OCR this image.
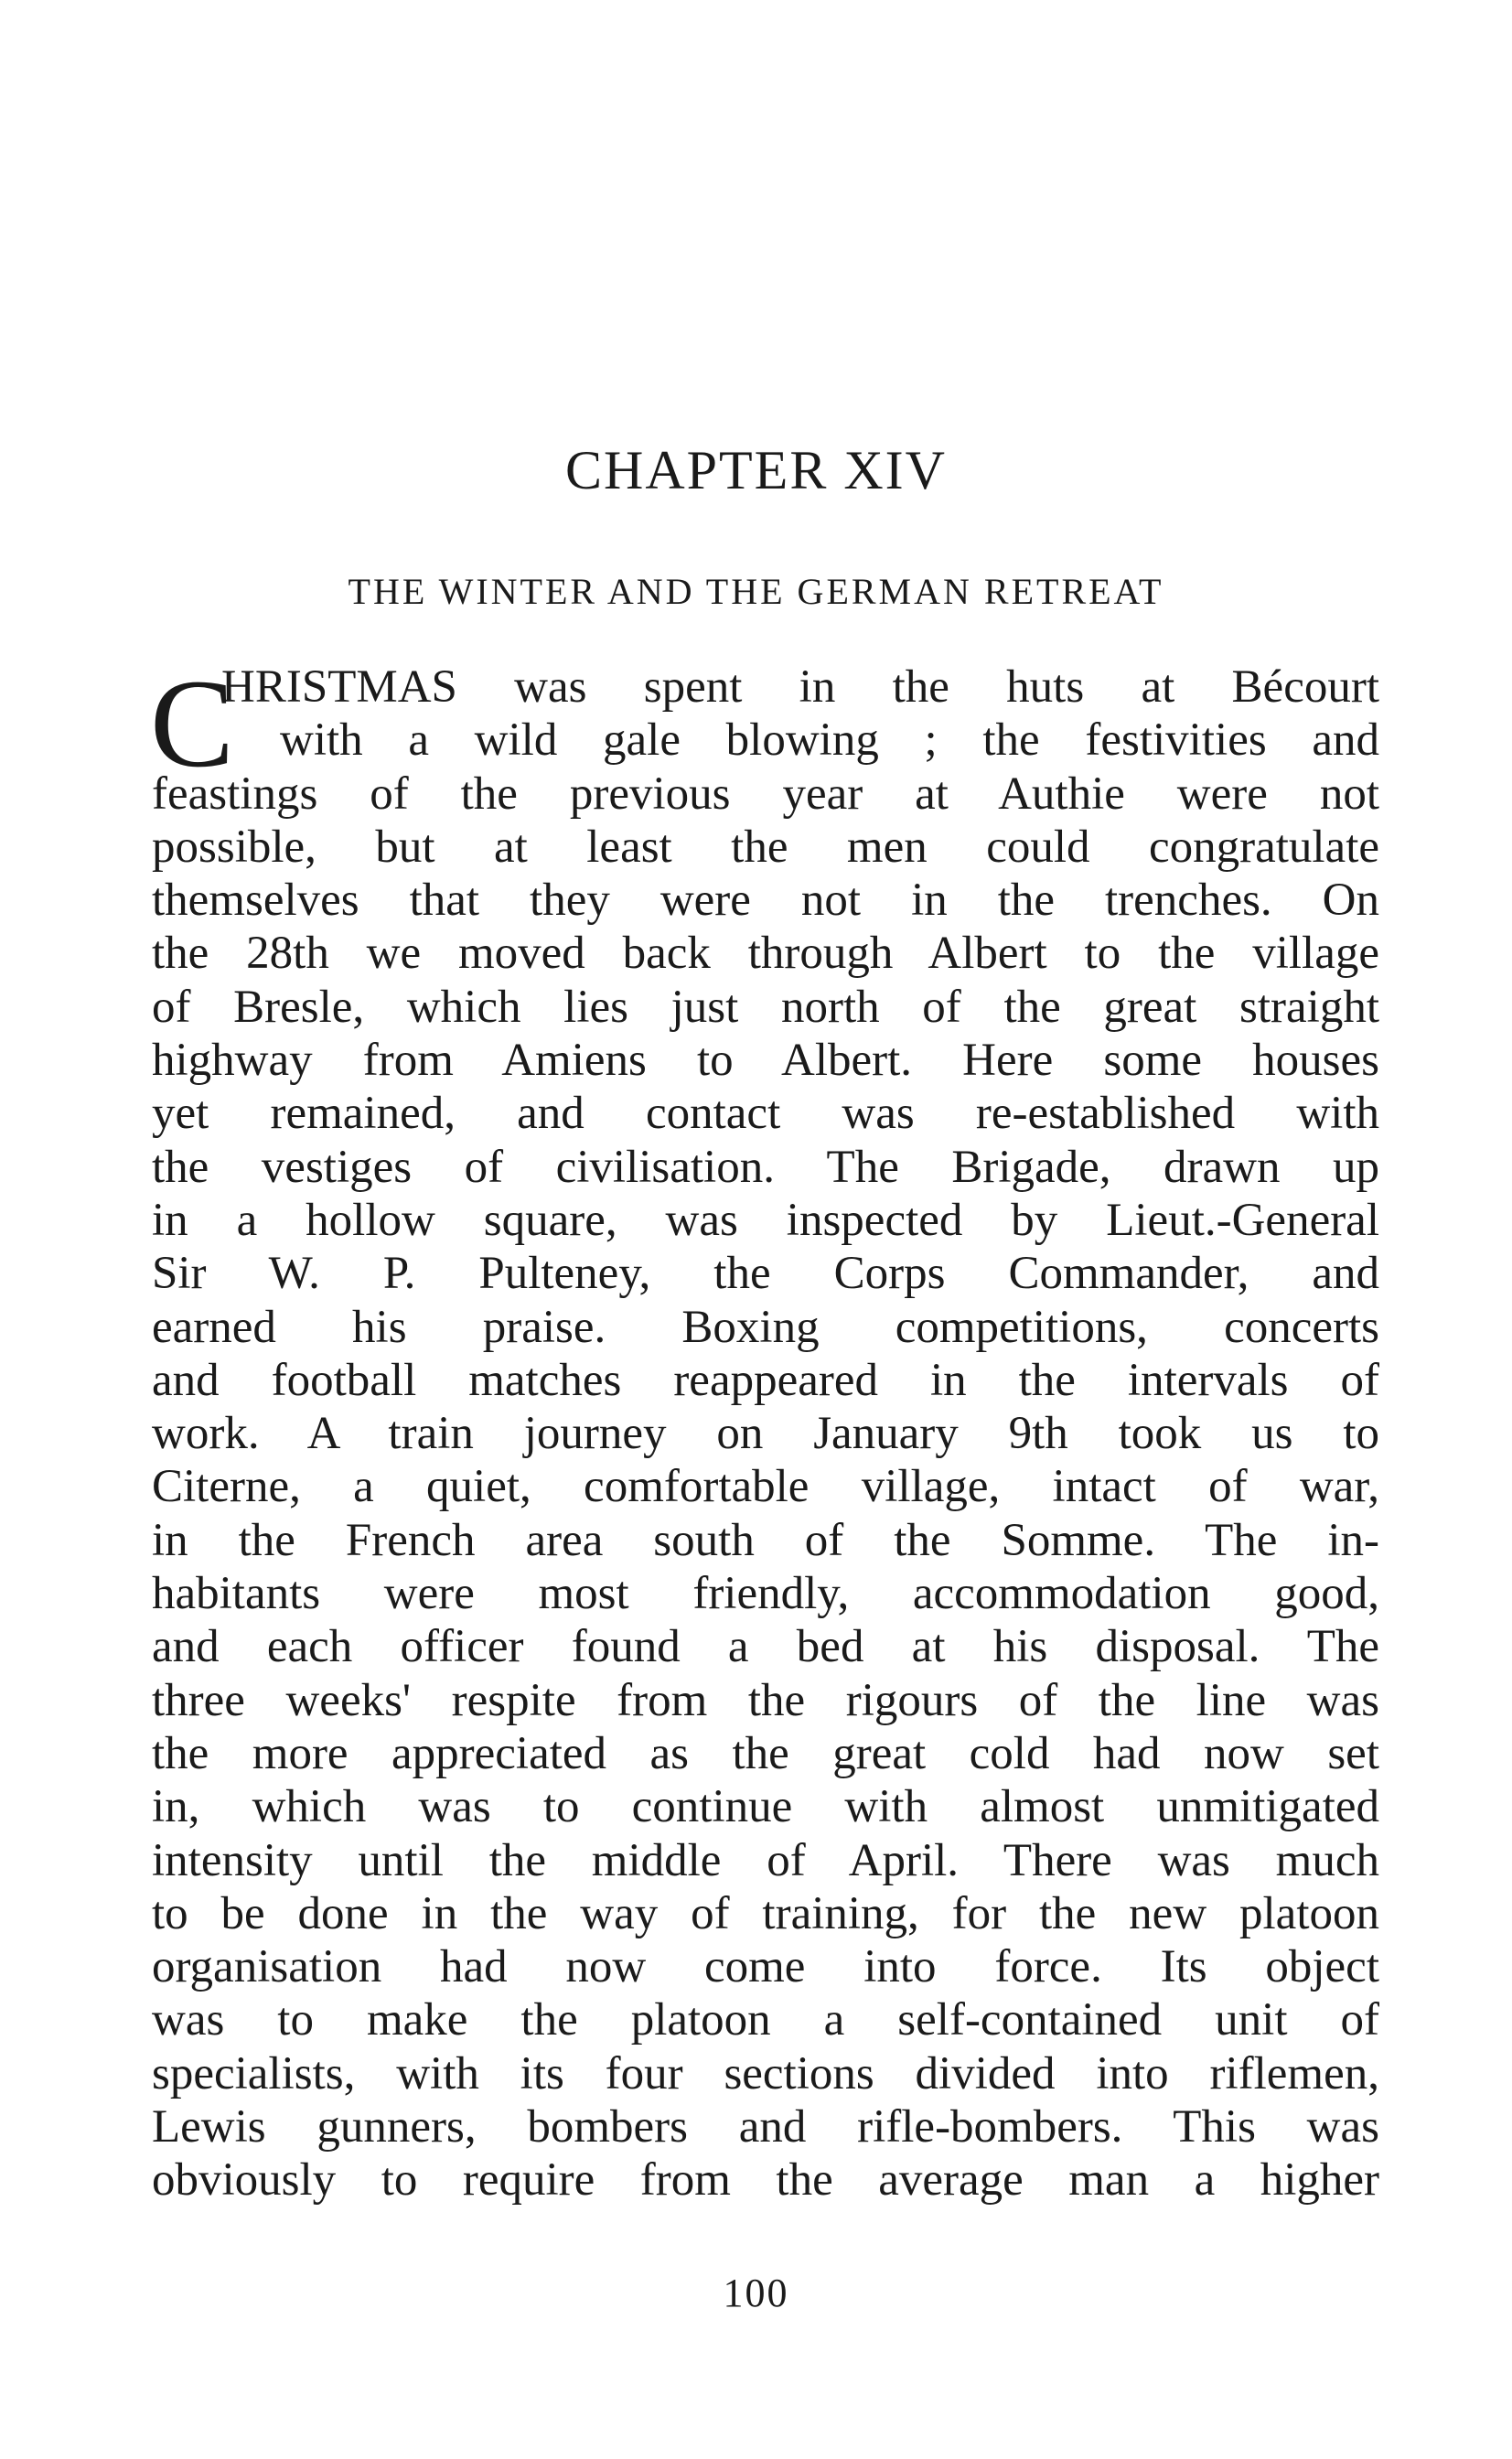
CHAPTER XIV
THE WINTER AND THE GERMAN RETREAT
C
HRISTMAS was spent in the huts at Bécourt
with a wild gale blowing ; the festivities and
feastings of the previous year at Authie were not
possible, but at least the men could congratulate
themselves that they were not in the trenches. On
the 28th we moved back through Albert to the village
of Bresle, which lies just north of the great straight
highway from Amiens to Albert. Here some houses
yet remained, and contact was re-established with
the vestiges of civilisation. The Brigade, drawn up
in a hollow square, was inspected by Lieut.-General
Sir W. P. Pulteney, the Corps Commander, and
earned his praise. Boxing competitions, concerts
and football matches reappeared in the intervals of
work. A train journey on January 9th took us to
Citerne, a quiet, comfortable village, intact of war,
in the French area south of the Somme. The in-
habitants were most friendly, accommodation good,
and each officer found a bed at his disposal. The
three weeks' respite from the rigours of the line was
the more appreciated as the great cold had now set
in, which was to continue with almost unmitigated
intensity until the middle of April. There was much
to be done in the way of training, for the new platoon
organisation had now come into force. Its object
was to make the platoon a self-contained unit of
specialists, with its four sections divided into riflemen,
Lewis gunners, bombers and rifle-bombers. This was
obviously to require from the average man a higher
100
